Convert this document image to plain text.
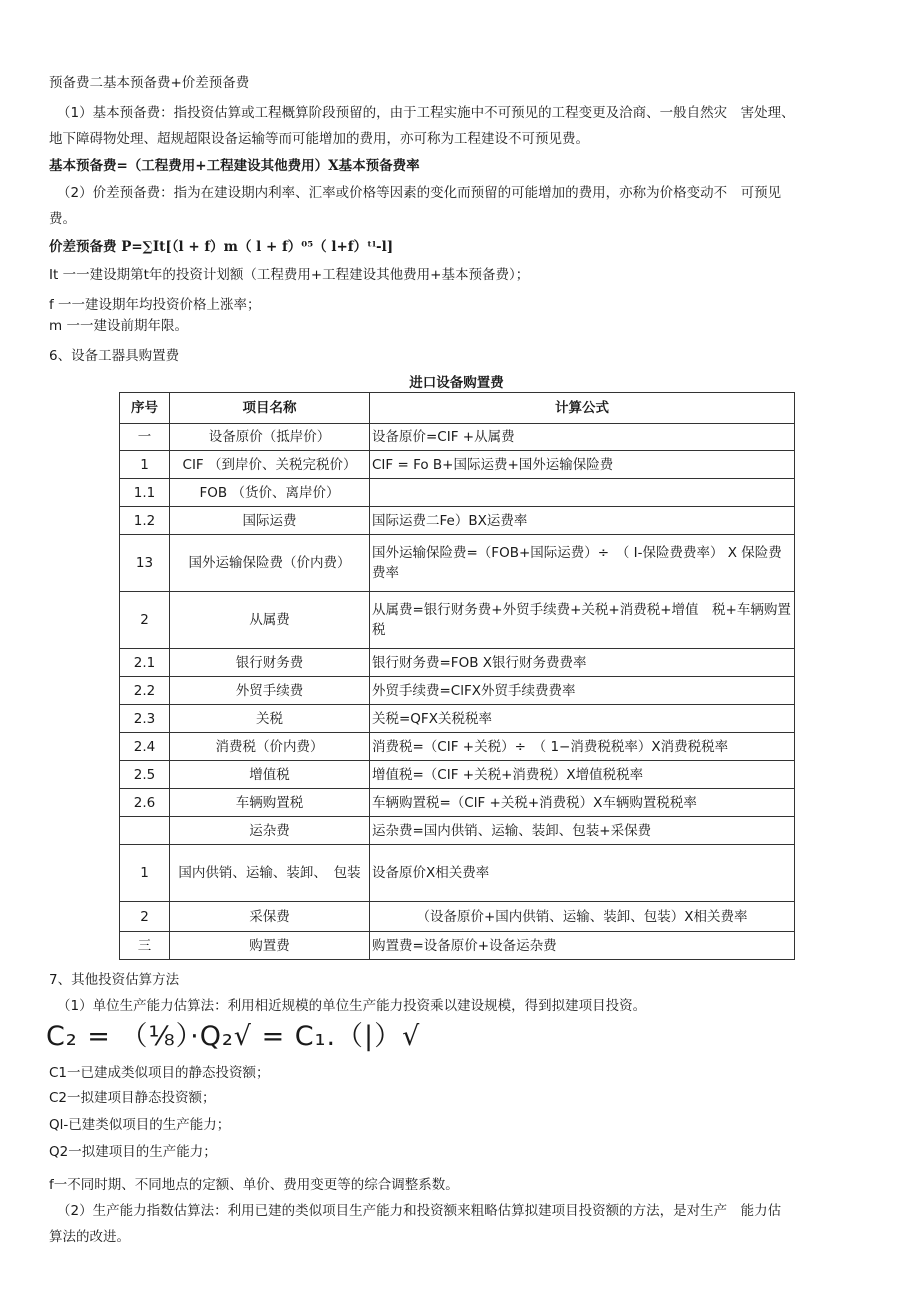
预备费二基本预备费+价差预备费
（1）基本预备费：指投资估算或工程概算阶段预留的，由于工程实施中不可预见的工程变更及洽商、一般自然灾　害处理、
地下障碍物处理、超规超限设备运输等而可能增加的费用，亦可称为工程建设不可预见费。
基本预备费=（工程费用+工程建设其他费用）X基本预备费率
（2）价差预备费：指为在建设期内利率、汇率或价格等因素的变化而预留的可能增加的费用，亦称为价格变动不　可预见
费。
价差预备费 P=∑It[（l + f）m（ l + f）⁰⁵（ l+f）ᵗˡ-l]
It 一一建设期第t年的投资计划额（工程费用+工程建设其他费用+基本预备费）；
f 一一建设期年均投资价格上涨率；
m 一一建设前期年限。
6、设备工器具购置费
进口设备购置费
序号	项目名称	计算公式
一	设备原价（抵岸价）	设备原价=CIF +从属费
1	CIF （到岸价、关税完税价）	CIF = Fo B+国际运费+国外运输保险费
1.1	FOB （货价、离岸价）	
1.2	国际运费	国际运费二Fe）BX运费率
13	国外运输保险费（价内费）	国外运输保险费=（FOB+国际运费）÷　（ I-保险费费率） X 保险费费率
2	从属费	从属费=银行财务费+外贸手续费+关税+消费税+增值　税+车辆购置税
2.1	银行财务费	银行财务费=FOB X银行财务费费率
2.2	外贸手续费	外贸手续费=ClFX外贸手续费费率
2.3	关税	关税=QFX关税税率
2.4	消费税（价内费）	消费税=（CIF +关税）÷　（ 1−消费税税率）X消费税税率
2.5	增值税	增值税=（CIF +关税+消费税）X增值税税率
2.6	车辆购置税	车辆购置税=（ClF +关税+消费税）X车辆购置税税率
	运杂费	运杂费=国内供销、运输、装卸、包装+采保费
1	国内供销、运输、装卸、　包装	设备原价X相关费率
2	采保费	（设备原价+国内供销、运输、装卸、包装）X相关费率
三	购置费	购置费=设备原价+设备运杂费
7、其他投资估算方法
（1）单位生产能力估算法：利用相近规模的单位生产能力投资乘以建设规模，得到拟建项目投资。
C₂ = （⅛）·Q₂√ = C₁.（|）√
C1一已建成类似项目的静态投资额；
C2一拟建项目静态投资额；
Ql-已建类似项目的生产能力；
Q2一拟建项目的生产能力；
f一不同时期、不同地点的定额、单价、费用变更等的综合调整系数。
（2）生产能力指数估算法：利用已建的类似项目生产能力和投资额来粗略估算拟建项目投资额的方法，是对生产　能力估
算法的改进。
